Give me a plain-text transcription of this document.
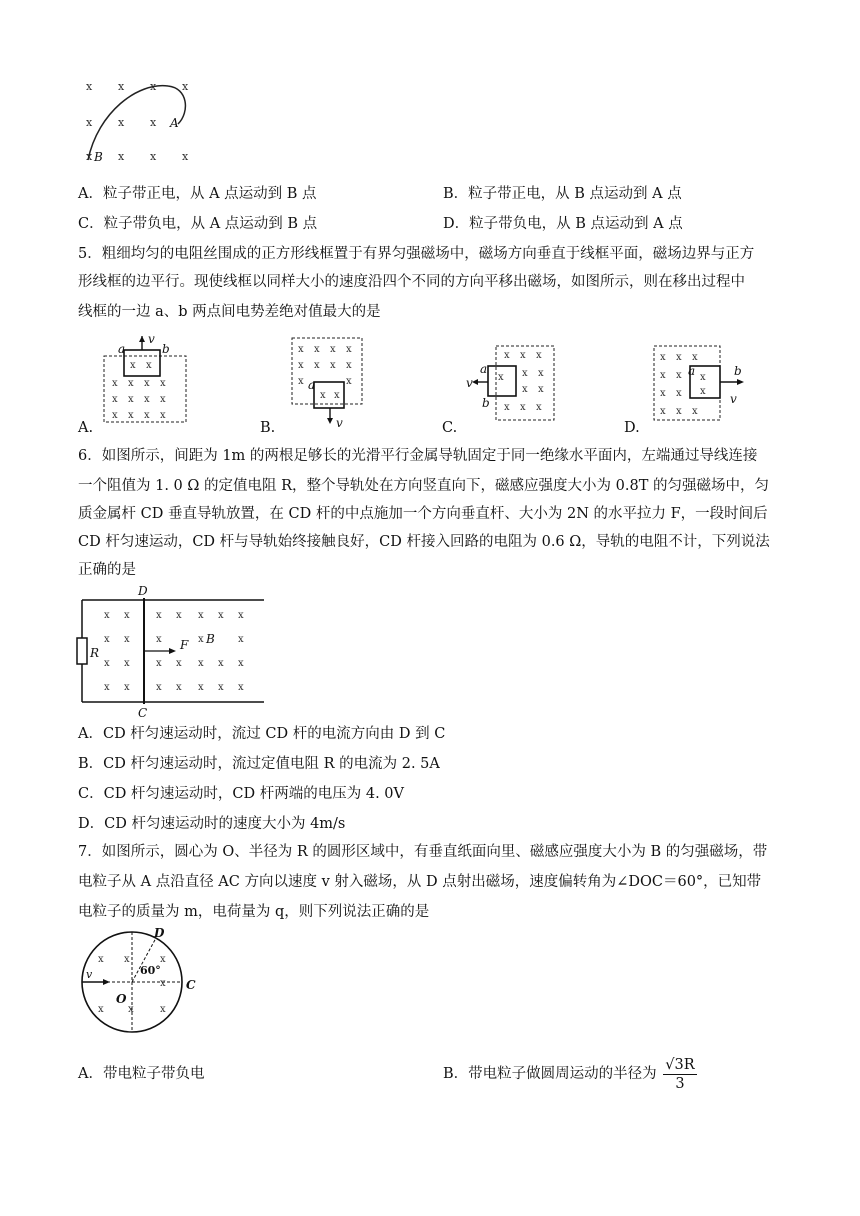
x x x x
x x x
x x x x
A
B
A．粒子带正电，从 A 点运动到 B 点	B．粒子带正电，从 B 点运动到 A 点
C．粒子带负电，从 A 点运动到 B 点	D．粒子带负电，从 B 点运动到 A 点
5．粗细均匀的电阻丝围成的正方形线框置于有界匀强磁场中，磁场方向垂直于线框平面，磁场边界与正方
形线框的边平行。现使线框以同样大小的速度沿四个不同的方向平移出磁场，如图所示，则在移出过程中
线框的一边 a、b 两点间电势差绝对值最大的是
x x
x x x x
x x x x
x x x x
a	b
v
A.
x x x x
x x x x
x	x
x x
a
v
B.
x x x
x x
x
x x
x x x
a
b
v
C.
x x x
x x x
x x x
x x x
a	b
v
D.
6．如图所示，间距为 1m 的两根足够长的光滑平行金属导轨固定于同一绝缘水平面内，左端通过导线连接
一个阻值为 1. 0 Ω 的定值电阻 R，整个导轨处在方向竖直向下，磁感应强度大小为 0.8T 的匀强磁场中，匀
质金属杆 CD 垂直导轨放置，在 CD 杆的中点施加一个方向垂直杆、大小为 2N 的水平拉力 F，一段时间后
CD 杆匀速运动，CD 杆与导轨始终接触良好，CD 杆接入回路的电阻为 0.6 Ω，导轨的电阻不计，下列说法
正确的是
x x	x x x x x
x x	x	x	x
x x	x x x x x
x x	x x x x x
D
C
R
F B
A．CD 杆匀速运动时，流过 CD 杆的电流方向由 D 到 C
B．CD 杆匀速运动时，流过定值电阻 R 的电流为 2. 5A
C．CD 杆匀速运动时，CD 杆两端的电压为 4. 0V
D．CD 杆匀速运动时的速度大小为 4m/s
7．如图所示，圆心为 O、半径为 R 的圆形区域中，有垂直纸面向里、磁感应强度大小为 B 的匀强磁场，带
电粒子从 A 点沿直径 AC 方向以速度 v 射入磁场，从 D 点射出磁场，速度偏转角为∠DOC＝60°，已知带
电粒子的质量为 m，电荷量为 q，则下列说法正确的是
x x	x
x
x x	x
D
C
O
v	60°
A．带电粒子带负电	B．带电粒子做圆周运动的半径为 $\frac{√3R}{3}$
